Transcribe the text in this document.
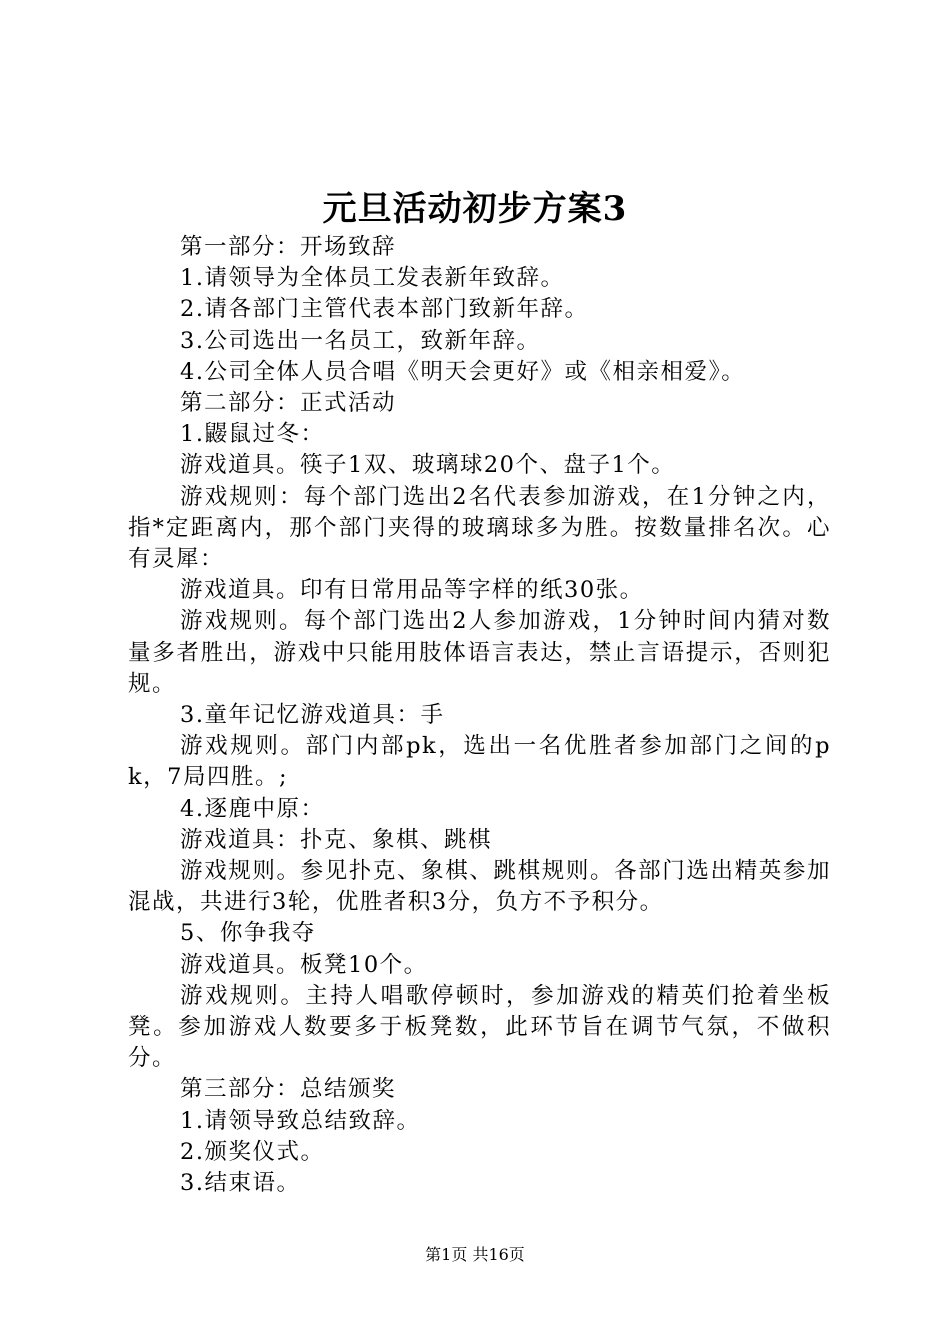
元旦活动初步方案3

第一部分：开场致辞

1.请领导为全体员工发表新年致辞。

2.请各部门主管代表本部门致新年辞。

3.公司选出一名员工，致新年辞。

4.公司全体人员合唱《明天会更好》或《相亲相爱》。

第二部分：正式活动

1.鼹鼠过冬：

游戏道具。筷子1双、玻璃球20个、盘子1个。

游戏规则：每个部门选出2名代表参加游戏，在1分钟之内，指*定距离内，那个部门夹得的玻璃球多为胜。按数量排名次。心有灵犀：

游戏道具。印有日常用品等字样的纸30张。

游戏规则。每个部门选出2人参加游戏，1分钟时间内猜对数量多者胜出，游戏中只能用肢体语言表达，禁止言语提示，否则犯规。

3.童年记忆游戏道具：手

游戏规则。部门内部pk，选出一名优胜者参加部门之间的pk，7局四胜。;

4.逐鹿中原：

游戏道具：扑克、象棋、跳棋

游戏规则。参见扑克、象棋、跳棋规则。各部门选出精英参加混战，共进行3轮，优胜者积3分，负方不予积分。

5、你争我夺

游戏道具。板凳10个。

游戏规则。主持人唱歌停顿时，参加游戏的精英们抢着坐板凳。参加游戏人数要多于板凳数，此环节旨在调节气氛，不做积分。

第三部分：总结颁奖

1.请领导致总结致辞。

2.颁奖仪式。

3.结束语。

第1页 共16页
